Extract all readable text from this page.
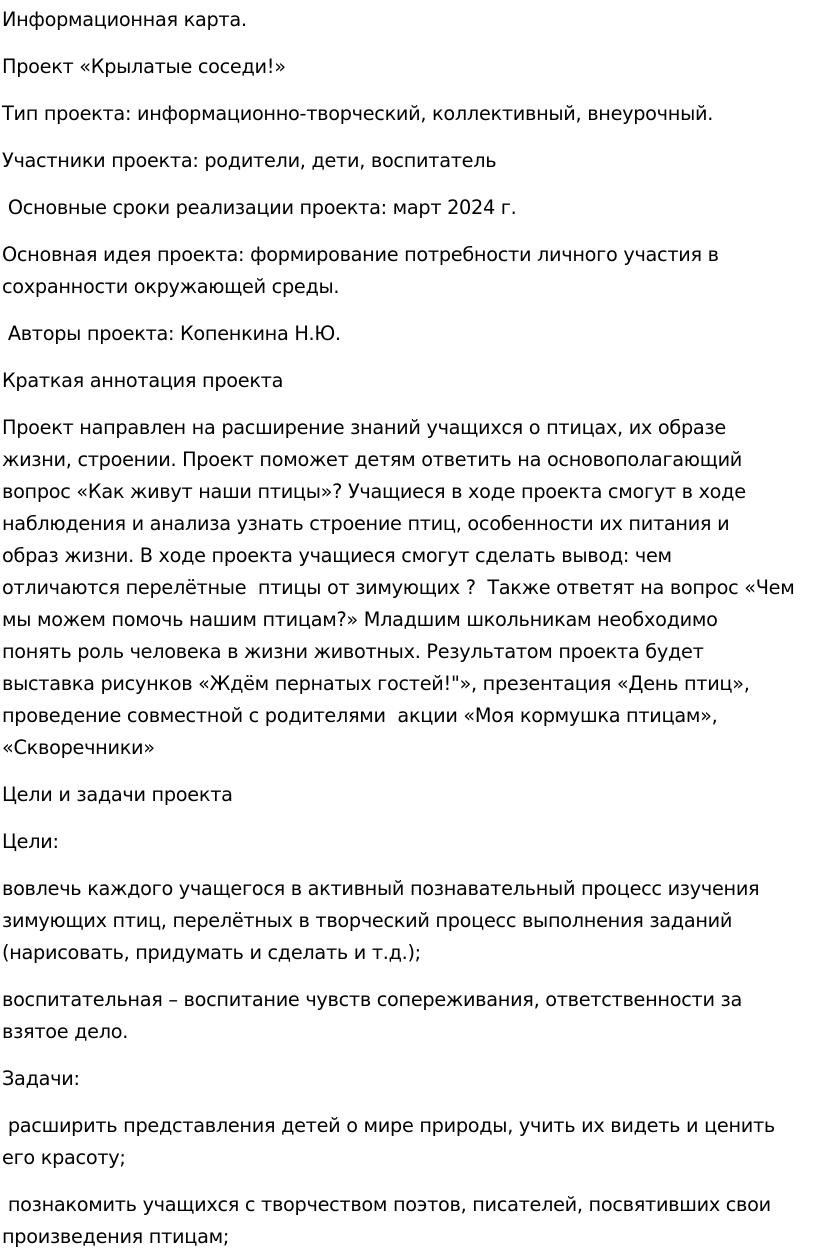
Информационная карта.
Проект «Крылатые соседи!»
Тип проекта: информационно-творческий, коллективный, внеурочный.
Участники проекта: родители, дети, воспитатель
Основные сроки реализации проекта: март 2024 г.
Основная идея проекта: формирование потребности личного участия в
сохранности окружающей среды.
Авторы проекта: Копенкина Н.Ю.
Краткая аннотация проекта
Проект направлен на расширение знаний учащихся о птицах, их образе
жизни, строении. Проект поможет детям ответить на основополагающий
вопрос «Как живут наши птицы»? Учащиеся в ходе проекта смогут в ходе
наблюдения и анализа узнать строение птиц, особенности их питания и
образ жизни. В ходе проекта учащиеся смогут сделать вывод: чем
отличаются перелётные  птицы от зимующих ?  Также ответят на вопрос «Чем
мы можем помочь нашим птицам?» Младшим школьникам необходимо
понять роль человека в жизни животных. Результатом проекта будет
выставка рисунков «Ждём пернатых гостей!"», презентация «День птиц»,
проведение совместной с родителями  акции «Моя кормушка птицам»,
«Скворечники»
Цели и задачи проекта
Цели:
вовлечь каждого учащегося в активный познавательный процесс изучения
зимующих птиц, перелётных в творческий процесс выполнения заданий
(нарисовать, придумать и сделать и т.д.);
воспитательная – воспитание чувств сопереживания, ответственности за
взятое дело.
Задачи:
расширить представления детей о мире природы, учить их видеть и ценить
его красоту;
познакомить учащихся с творчеством поэтов, писателей, посвятивших свои
произведения птицам;
